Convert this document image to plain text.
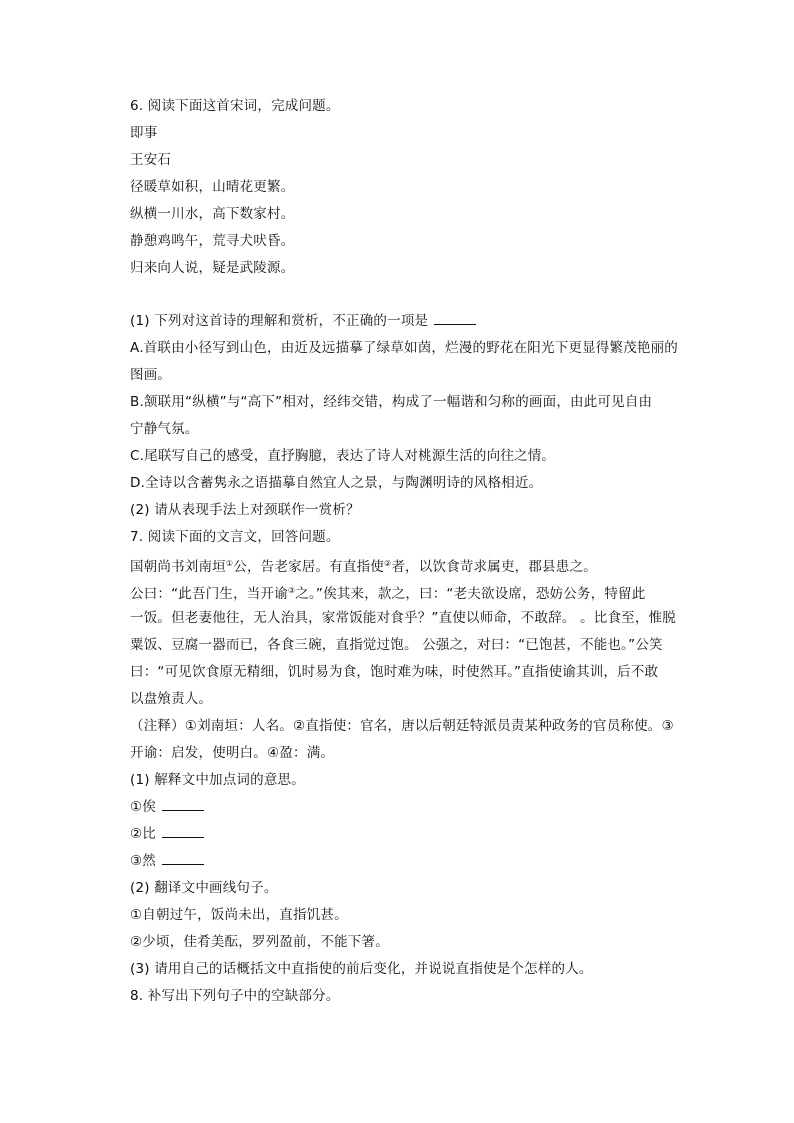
6. 阅读下面这首宋词，完成问题。
即事
王安石
径暖草如积，山晴花更繁。
纵横一川水，高下数家村。
静憩鸡鸣午，荒寻犬吠昏。
归来向人说，疑是武陵源。
(1) 下列对这首诗的理解和赏析，不正确的一项是
A.首联由小径写到山色，由近及远描摹了绿草如茵，烂漫的野花在阳光下更显得繁茂艳丽的
图画。
B.颔联用“纵横”与“高下”相对，经纬交错，构成了一幅谐和匀称的画面，由此可见自由
宁静气氛。
C.尾联写自己的感受，直抒胸臆，表达了诗人对桃源生活的向往之情。
D.全诗以含蓄隽永之语描摹自然宜人之景，与陶渊明诗的风格相近。
(2) 请从表现手法上对颈联作一赏析？
7. 阅读下面的文言文，回答问题。
国朝尚书刘南垣①公，告老家居。有直指使②者，以饮食苛求属吏，郡县患之。
公曰：“此吾门生，当开谕③之。”俟其来，款之，曰：“老夫欲设席，恐妨公务，特留此
一饭。但老妻他往，无人治具，家常饭能对食乎？”直使以师命，不敢辞。 。比食至，惟脱
粟饭、豆腐一器而已，各食三碗，直指觉过饱。 公强之，对曰：“已饱甚，不能也。”公笑
曰：“可见饮食原无精细，饥时易为食，饱时难为味，时使然耳。”直指使谕其训，后不敢
以盘飧责人。
（注释）①刘南垣：人名。②直指使：官名，唐以后朝廷特派员责某种政务的官员称使。③
开谕：启发，使明白。④盈：满。
(1) 解释文中加点词的意思。
①俟
②比
③然
(2) 翻译文中画线句子。
①自朝过午，饭尚未出，直指饥甚。
②少顷，佳肴美酝，罗列盈前，不能下箸。
(3) 请用自己的话概括文中直指使的前后变化，并说说直指使是个怎样的人。
8. 补写出下列句子中的空缺部分。
